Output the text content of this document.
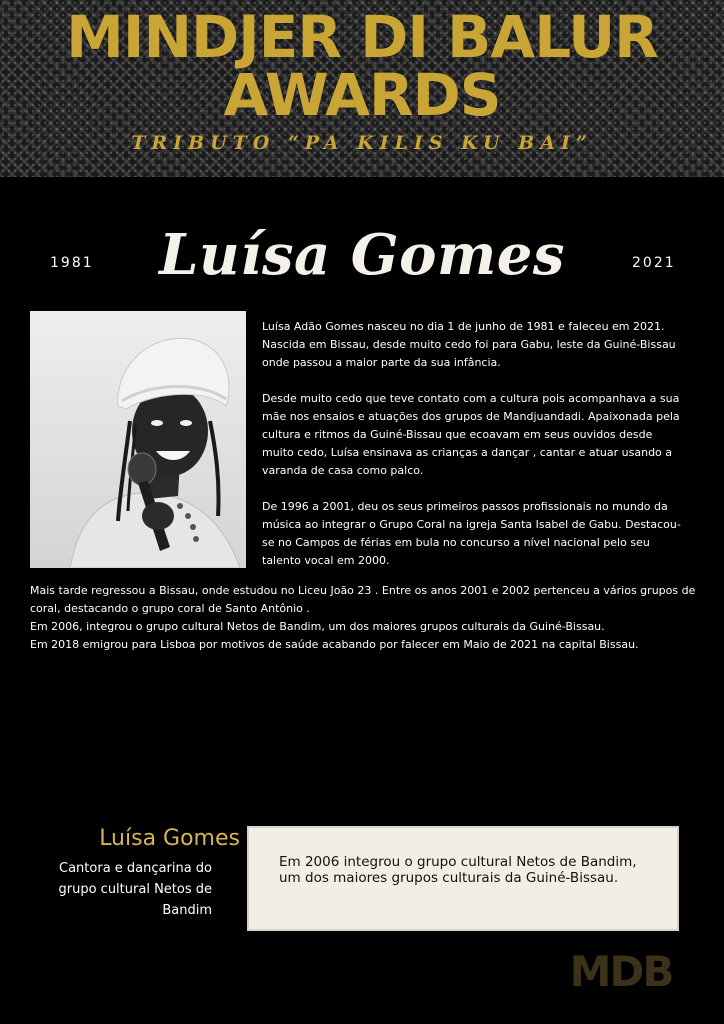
MINDJER DI BALUR
AWARDS
TRIBUTO “PA KILIS KU BAI”
1981	Luísa Gomes	2021

Luísa Adão Gomes nasceu no dia 1 de junho de 1981 e faleceu em 2021. Nascida em Bissau, desde muito cedo foi para Gabu, leste da Guiné-Bissau onde passou a maior parte da sua infância.

Desde muito cedo que teve contato com a cultura pois acompanhava a sua mãe nos ensaios e atuações dos grupos de Mandjuandadi. Apaixonada pela cultura e ritmos da Guiné-Bissau que ecoavam em seus ouvidos desde muito cedo, Luísa ensinava as crianças a dançar , cantar e atuar usando a varanda de casa como palco.

De 1996 a 2001, deu os seus primeiros passos profissionais no mundo da música ao integrar o Grupo Coral na igreja Santa Isabel de Gabu. Destacou-se no Campos de férias em bula no concurso a nível nacional pelo seu talento vocal em 2000.

Mais tarde regressou a Bissau, onde estudou no Liceu João 23 . Entre os anos 2001 e 2002 pertenceu a vários grupos de coral, destacando o grupo coral de Santo Antônio .

Em 2006, integrou o grupo cultural Netos de Bandim, um dos maiores grupos culturais da Guiné-Bissau.

Em 2018 emigrou para Lisboa por motivos de saúde acabando por falecer em Maio de 2021 na capital Bissau.

Luísa Gomes
Cantora e dançarina do grupo cultural Netos de Bandim
Em 2006 integrou o grupo cultural Netos de Bandim, um dos maiores grupos culturais da Guiné-Bissau.
MDB
